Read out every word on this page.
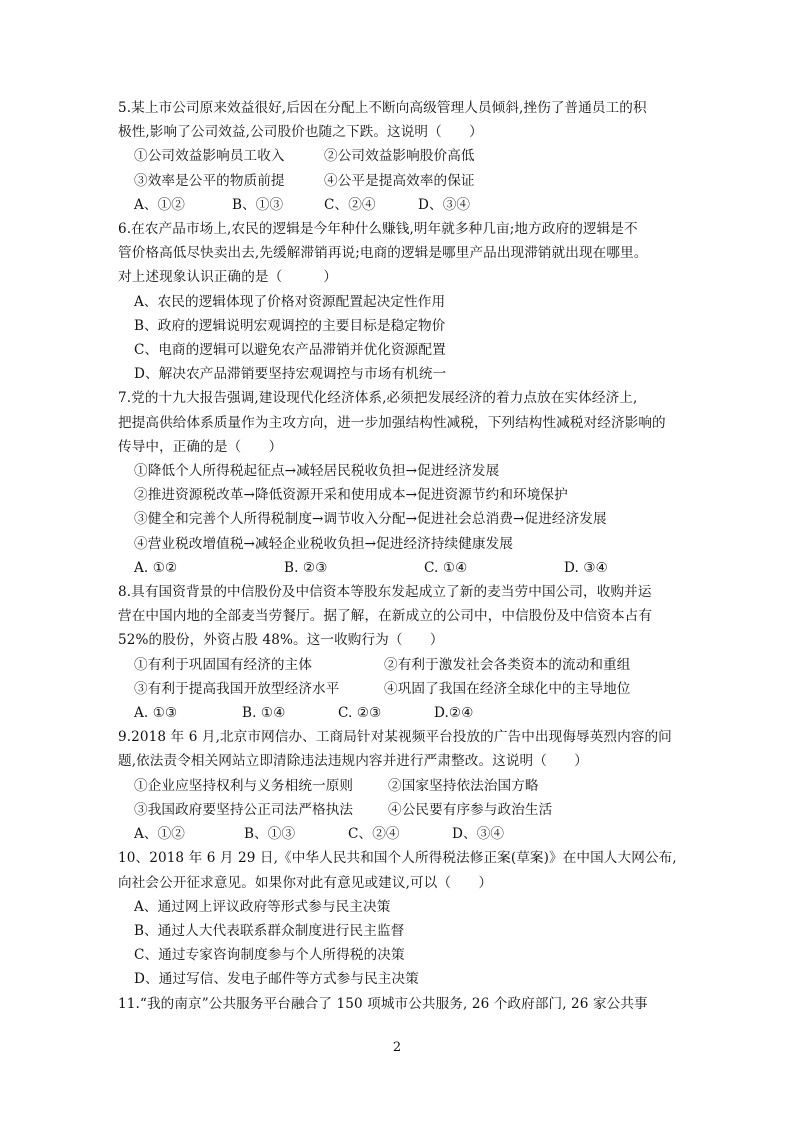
5.某上市公司原来效益很好,后因在分配上不断向高级管理人员倾斜,挫伤了普通员工的积
极性,影响了公司效益,公司股价也随之下跌。这说明（　　）
①公司效益影响员工收入	②公司效益影响股价高低
③效率是公平的物质前提	④公平是提高效率的保证
A、①②	B、①③	C、②④	D、③④
6.在农产品市场上,农民的逻辑是今年种什么赚钱,明年就多种几亩;地方政府的逻辑是不
管价格高低尽快卖出去,先缓解滞销再说;电商的逻辑是哪里产品出现滞销就出现在哪里。
对上述现象认识正确的是（　　　）
A、农民的逻辑体现了价格对资源配置起决定性作用
B、政府的逻辑说明宏观调控的主要目标是稳定物价
C、电商的逻辑可以避免农产品滞销并优化资源配置
D、解决农产品滞销要坚持宏观调控与市场有机统一
7.党的十九大报告强调,建设现代化经济体系,必须把发展经济的着力点放在实体经济上,
把提高供给体系质量作为主攻方向，进一步加强结构性减税，下列结构性减税对经济影响的
传导中，正确的是（　　）
①降低个人所得税起征点→减轻居民税收负担→促进经济发展
②推进资源税改革→降低资源开采和使用成本→促进资源节约和环境保护
③健全和完善个人所得税制度→调节收入分配→促进社会总消费→促进经济发展
④营业税改增值税→减轻企业税收负担→促进经济持续健康发展
A. ①②	B. ②③	C. ①④	D. ③④
8.具有国资背景的中信股份及中信资本等股东发起成立了新的麦当劳中国公司，收购并运
营在中国内地的全部麦当劳餐厅。据了解，在新成立的公司中，中信股份及中信资本占有
52%的股份，外资占股 48%。这一收购行为（　　）
①有利于巩固国有经济的主体	②有利于激发社会各类资本的流动和重组
③有利于提高我国开放型经济水平	④巩固了我国在经济全球化中的主导地位
A. ①③	B. ①④	C. ②③	D.②④
9.2018 年 6 月,北京市网信办、工商局针对某视频平台投放的广告中出现侮辱英烈内容的问
题,依法责令相关网站立即清除违法违规内容并进行严肃整改。这说明（　　）
①企业应坚持权利与义务相统一原则	②国家坚持依法治国方略
③我国政府要坚持公正司法严格执法	④公民要有序参与政治生活
A、①②	B、①③	C、②④	D、③④
10、2018 年 6 月 29 日,《中华人民共和国个人所得税法修正案(草案)》在中国人大网公布,
向社会公开征求意见。如果你对此有意见或建议,可以（　　）
A、通过网上评议政府等形式参与民主决策
B、通过人大代表联系群众制度进行民主监督
C、通过专家咨询制度参与个人所得税的决策
D、通过写信、发电子邮件等方式参与民主决策
11.“我的南京”公共服务平台融合了 150 项城市公共服务, 26 个政府部门, 26 家公共事
2
